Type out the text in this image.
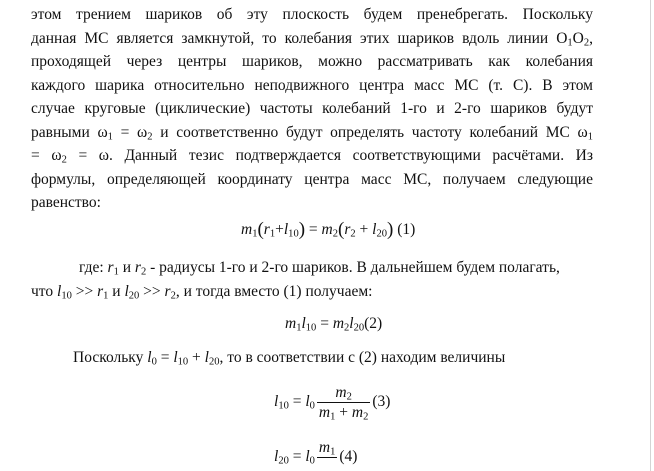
этом трением шариков об эту плоскость будем пренебрегать. Поскольку
данная МС является замкнутой, то колебания этих шариков вдоль линии $О_1О_2$,
проходящей через центры шариков, можно рассматривать как колебания
каждого шарика относительно неподвижного центра масс МС (т. С). В этом
случае круговые (циклические) частоты колебаний 1-го и 2-го шариков будут
равными $\omega_1 = \omega_2$ и соответственно будут определять частоту колебаний МС $\omega_1$
= $\omega_2 = \omega$. Данный тезис подтверждается соответствующими расчётами. Из
формулы, определяющей координату центра масс МС, получаем следующие
равенство:
$m_1(r_1+l_{10}) = m_2(r_2 + l_{20})$ (1)
где: $r_1$ и $r_2$ - радиусы 1-го и 2-го шариков. В дальнейшем будем полагать,
что $l_{10} >> r_1$ и $l_{20} >> r_2$, и тогда вместо (1) получаем:
$m_1l_{10} = m_2l_{20}(2)$
Поскольку $l_0 = l_{10} + l_{20}$, то в соответствии с (2) находим величины
$l_{10} = l_0 \frac{m_2}{m_1 + m_2} (3)$
$l_{20} = l_0$
$m_1$
(4)
